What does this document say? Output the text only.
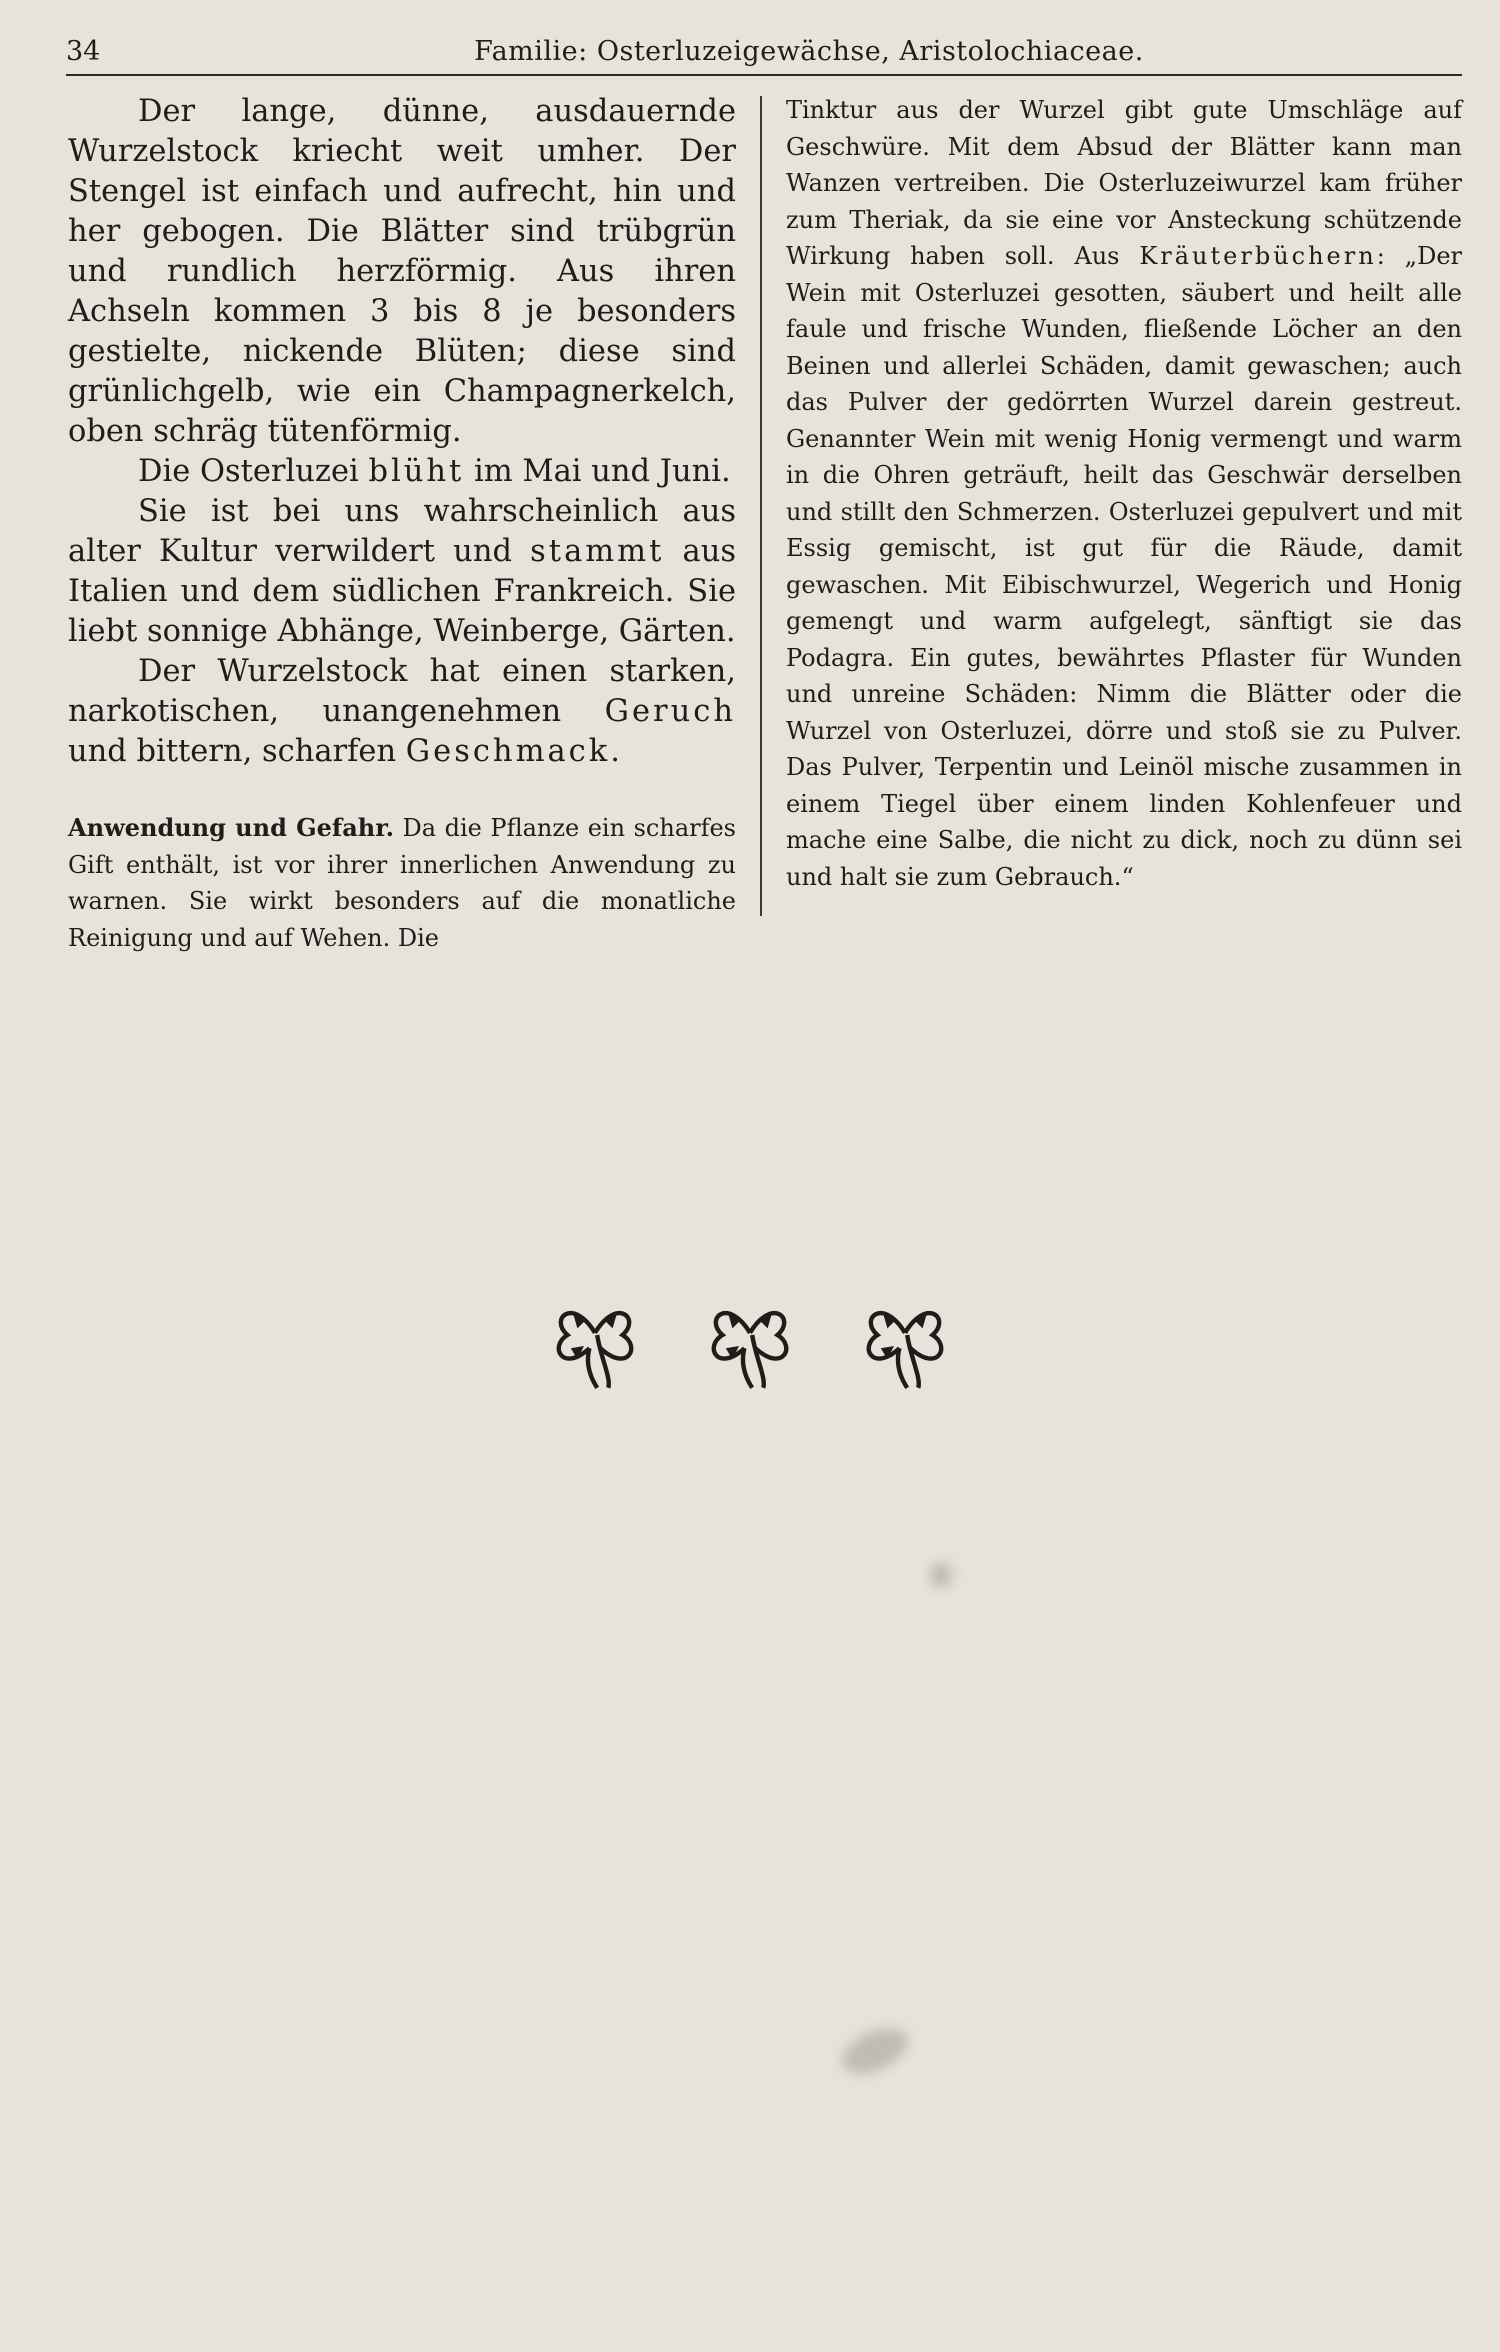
34	Familie: Osterluzeigewächse, Aristolochiaceae.

Der lange, dünne, ausdauernde Wurzelstock kriecht weit umher. Der Stengel ist einfach und aufrecht, hin und her gebogen. Die Blätter sind trübgrün und rundlich herzförmig. Aus ihren Achseln kommen 3 bis 8 je besonders gestielte, nickende Blüten; diese sind grünlichgelb, wie ein Champagnerkelch, oben schräg tütenförmig.

Die Osterluzei blüht im Mai und Juni.

Sie ist bei uns wahrscheinlich aus alter Kultur verwildert und stammt aus Italien und dem südlichen Frankreich. Sie liebt sonnige Abhänge, Weinberge, Gärten.

Der Wurzelstock hat einen starken, narkotischen, unangenehmen Geruch und bittern, scharfen Geschmack.

Anwendung und Gefahr. Da die Pflanze ein scharfes Gift enthält, ist vor ihrer innerlichen Anwendung zu warnen. Sie wirkt besonders auf die monatliche Reinigung und auf Wehen. Die

Tinktur aus der Wurzel gibt gute Umschläge auf Geschwüre. Mit dem Absud der Blätter kann man Wanzen vertreiben. Die Osterluzeiwurzel kam früher zum Theriak, da sie eine vor Ansteckung schützende Wirkung haben soll. Aus Kräuterbüchern: „Der Wein mit Osterluzei gesotten, säubert und heilt alle faule und frische Wunden, fließende Löcher an den Beinen und allerlei Schäden, damit gewaschen; auch das Pulver der gedörrten Wurzel darein gestreut. Genannter Wein mit wenig Honig vermengt und warm in die Ohren geträuft, heilt das Geschwär derselben und stillt den Schmerzen. Osterluzei gepulvert und mit Essig gemischt, ist gut für die Räude, damit gewaschen. Mit Eibischwurzel, Wegerich und Honig gemengt und warm aufgelegt, sänftigt sie das Podagra. Ein gutes, bewährtes Pflaster für Wunden und unreine Schäden: Nimm die Blätter oder die Wurzel von Osterluzei, dörre und stoß sie zu Pulver. Das Pulver, Terpentin und Leinöl mische zusammen in einem Tiegel über einem linden Kohlenfeuer und mache eine Salbe, die nicht zu dick, noch zu dünn sei und halt sie zum Gebrauch.“
